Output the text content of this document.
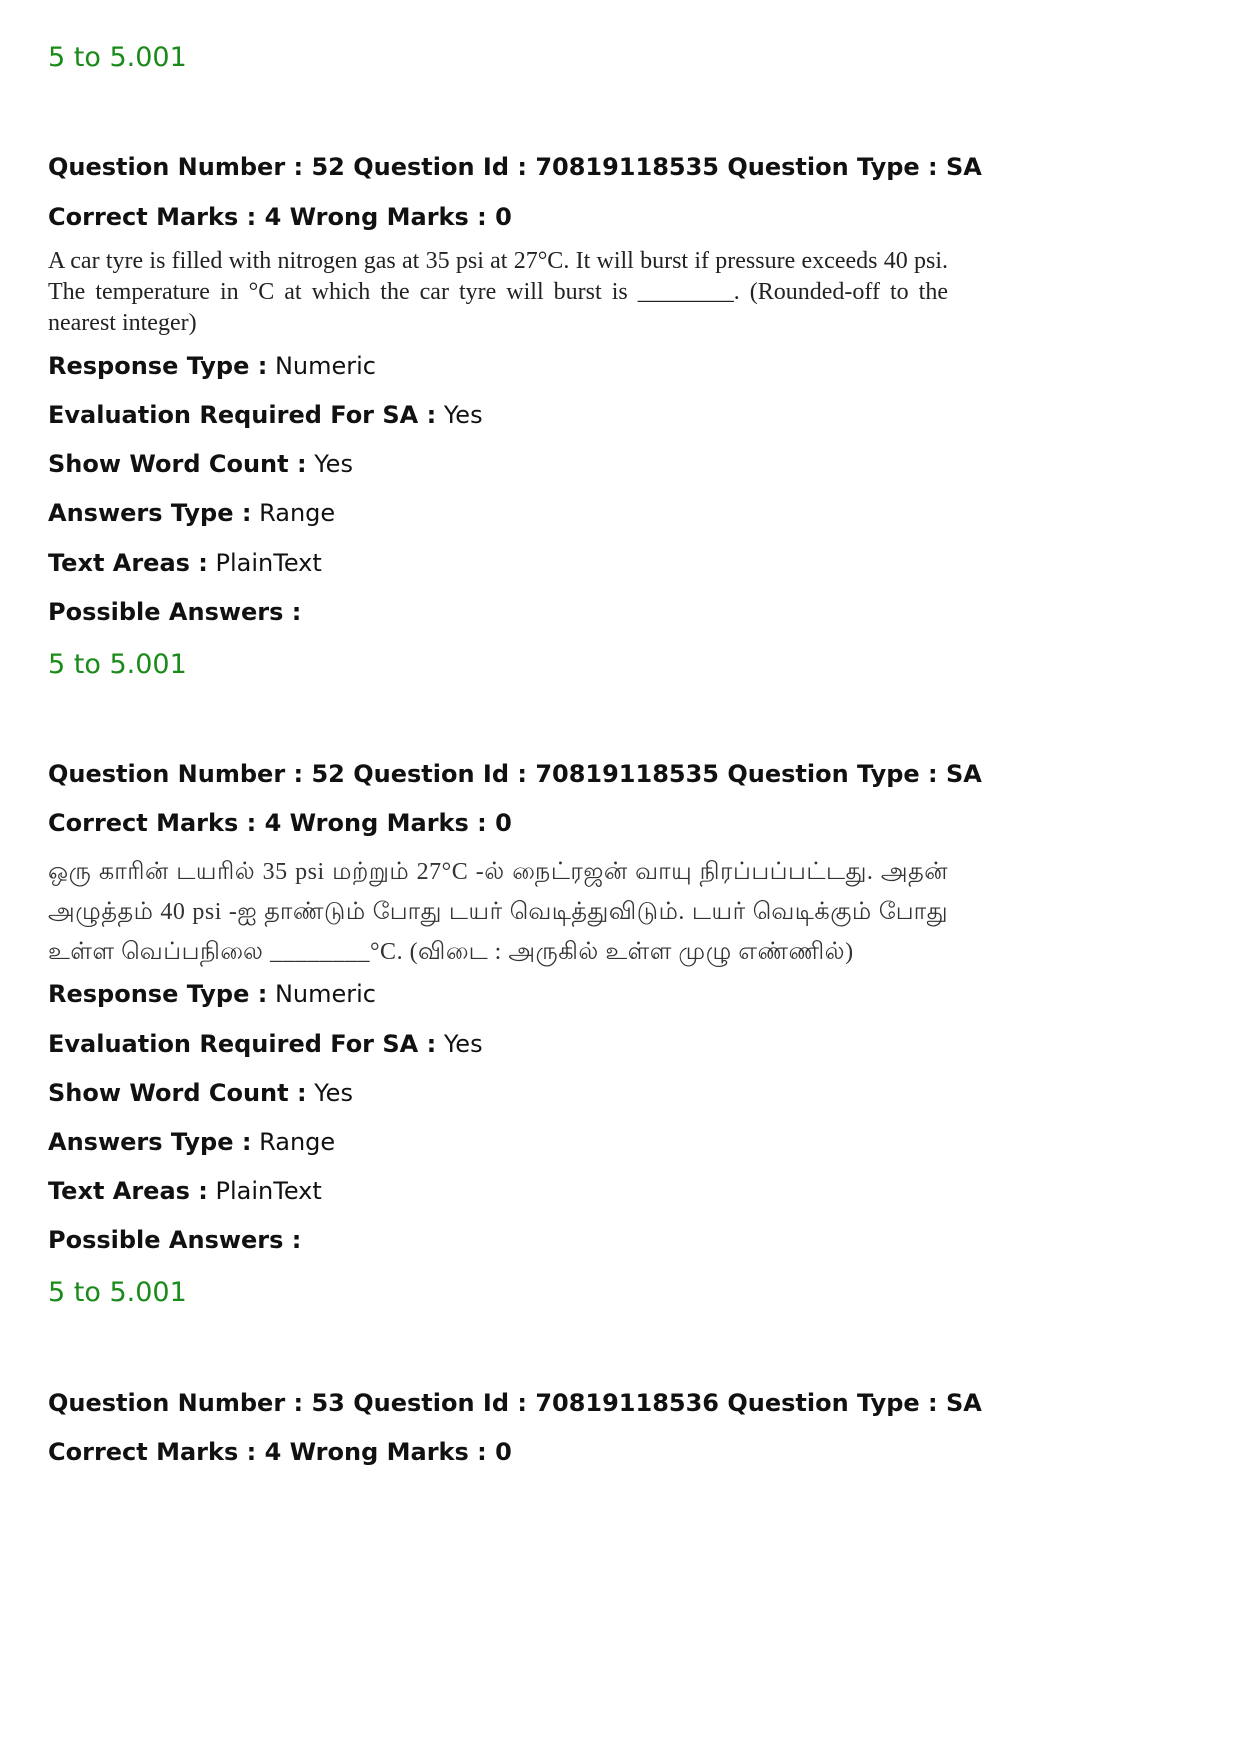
5 to 5.001
Question Number : 52 Question Id : 70819118535 Question Type : SA
Correct Marks : 4 Wrong Marks : 0
A car tyre is filled with nitrogen gas at 35 psi at 27°C. It will burst if pressure exceeds 40 psi. The temperature in °C at which the car tyre will burst is ________. (Rounded-off to the nearest integer)
Response Type : Numeric
Evaluation Required For SA : Yes
Show Word Count : Yes
Answers Type : Range
Text Areas : PlainText
Possible Answers :
5 to 5.001
Question Number : 52 Question Id : 70819118535 Question Type : SA
Correct Marks : 4 Wrong Marks : 0
ஒரு காரின் டயரில் 35 psi மற்றும் 27°C -ல் நைட்ரஜன் வாயு நிரப்பப்பட்டது. அதன் அழுத்தம் 40 psi -ஐ தாண்டும் போது டயர் வெடித்துவிடும். டயர் வெடிக்கும் போது உள்ள வெப்பநிலை ________°C. (விடை : அருகில் உள்ள முழு எண்ணில்)
Response Type : Numeric
Evaluation Required For SA : Yes
Show Word Count : Yes
Answers Type : Range
Text Areas : PlainText
Possible Answers :
5 to 5.001
Question Number : 53 Question Id : 70819118536 Question Type : SA
Correct Marks : 4 Wrong Marks : 0
